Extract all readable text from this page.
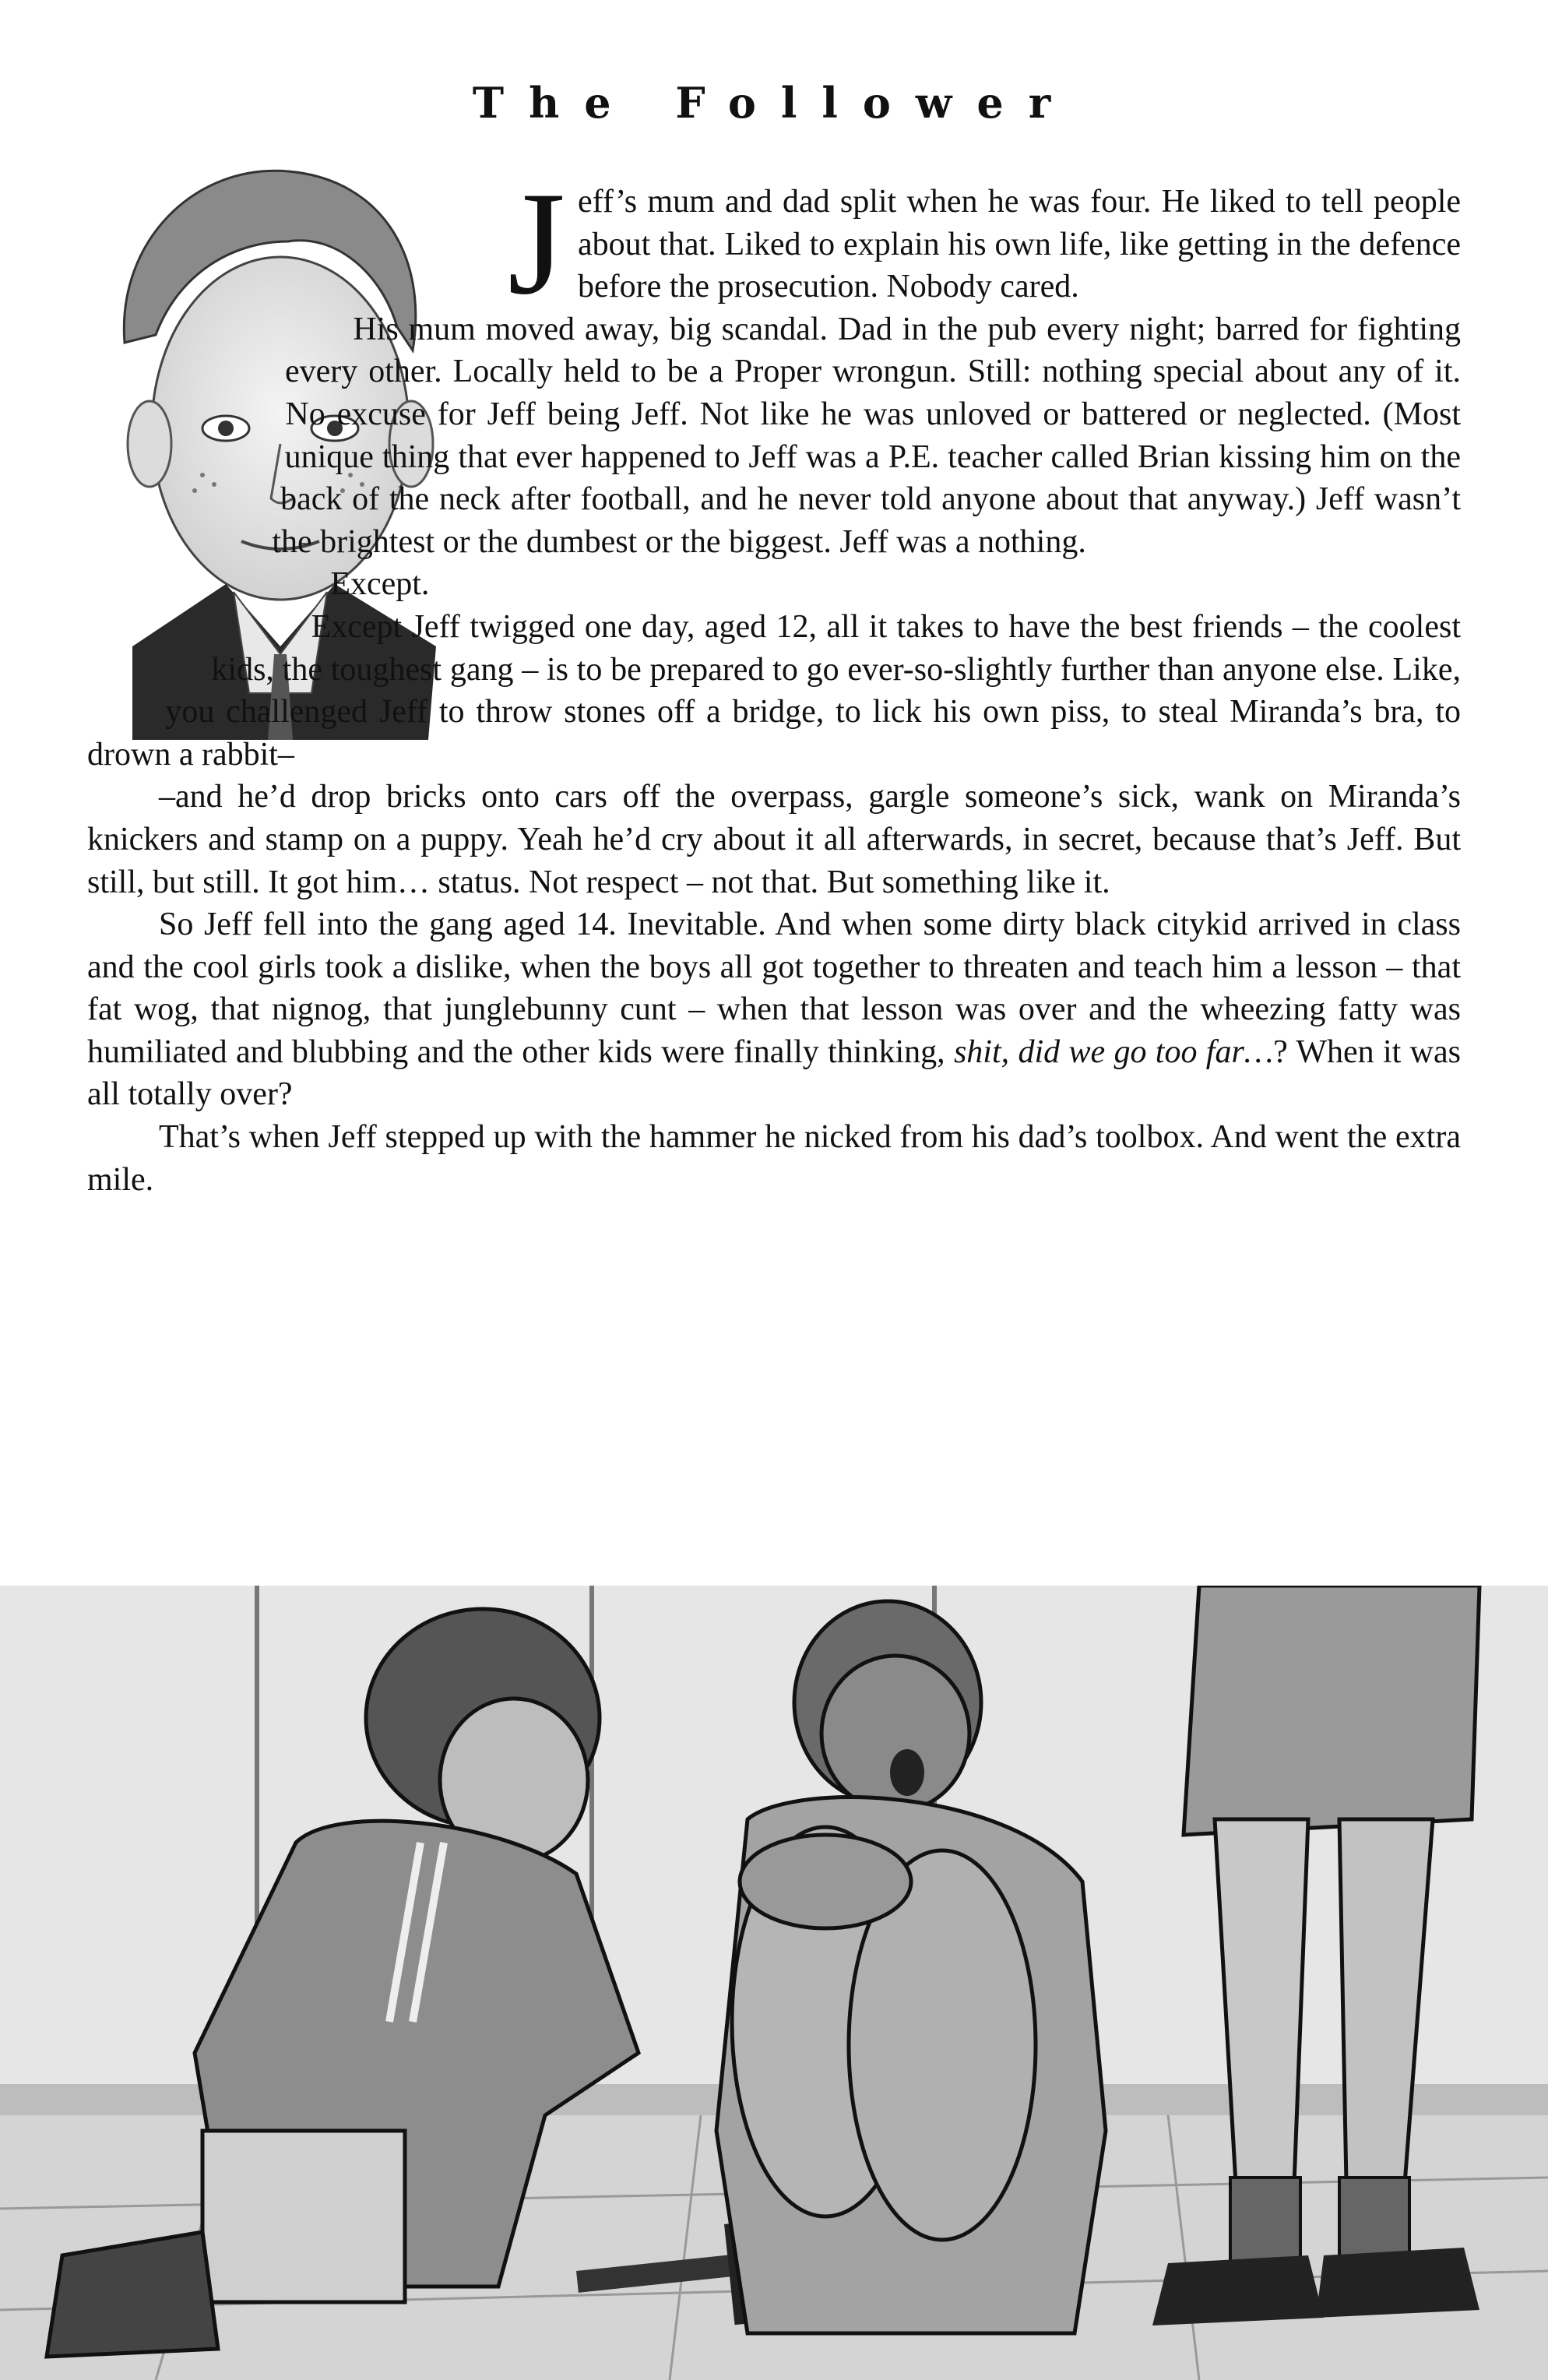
The Follower

Jeff’s mum and dad split when he was four. He liked to tell people about that. Liked to explain his own life, like getting in the defence before the prosecution. Nobody cared.

His mum moved away, big scandal. Dad in the pub every night; barred for fighting every other. Locally held to be a Proper wrongun. Still: nothing special about any of it. No excuse for Jeff being Jeff. Not like he was unloved or battered or neglected. (Most unique thing that ever happened to Jeff was a P.E. teacher called Brian kissing him on the back of the neck after football, and he never told anyone about that anyway.) Jeff wasn’t the brightest or the dumbest or the biggest. Jeff was a nothing.

Except.

Except Jeff twigged one day, aged 12, all it takes to have the best friends – the coolest kids, the toughest gang – is to be prepared to go ever-so-slightly further than anyone else. Like, you challenged Jeff to throw stones off a bridge, to lick his own piss, to steal Miranda’s bra, to drown a rabbit–

–and he’d drop bricks onto cars off the overpass, gargle someone’s sick, wank on Miranda’s knickers and stamp on a puppy. Yeah he’d cry about it all afterwards, in secret, because that’s Jeff. But still, but still. It got him… status. Not respect – not that. But something like it.

So Jeff fell into the gang aged 14. Inevitable. And when some dirty black citykid arrived in class and the cool girls took a dislike, when the boys all got together to threaten and teach him a lesson – that fat wog, that nignog, that junglebunny cunt – when that lesson was over and the wheezing fatty was humiliated and blubbing and the other kids were finally thinking, shit, did we go too far…? When it was all totally over?

That’s when Jeff stepped up with the hammer he nicked from his dad’s toolbox. And went the extra mile.
